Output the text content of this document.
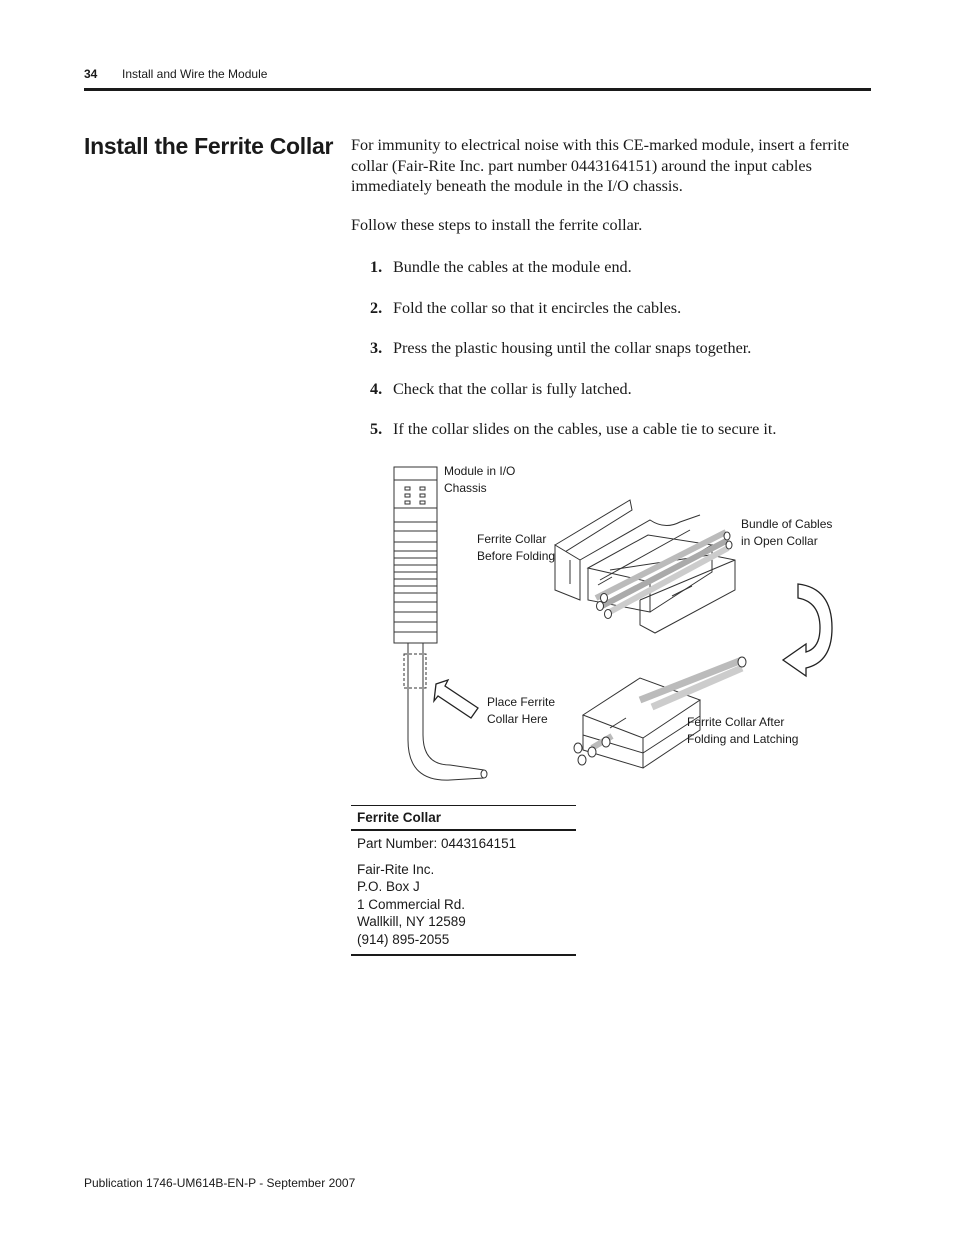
34 Install and Wire the Module
Install the Ferrite Collar For immunity to electrical noise with this CE-marked module, insert a ferrite collar (Fair-Rite Inc. part number 0443164151) around the input cables immediately beneath the module in the I/O chassis.
Follow these steps to install the ferrite collar.
1. Bundle the cables at the module end.
2. Fold the collar so that it encircles the cables.
3. Press the plastic housing until the collar snaps together.
4. Check that the collar is fully latched.
5. If the collar slides on the cables, use a cable tie to secure it.
Module in I/O
Chassis
Ferrite Collar
Before Folding
Bundle of Cables
in Open Collar
Place Ferrite
Collar Here	Ferrite Collar After
Folding and Latching
Ferrite Collar
Part Number: 0443164151
Fair-Rite Inc.
P.O. Box J
1 Commercial Rd.
Wallkill, NY 12589
(914) 895-2055
Publication 1746-UM614B-EN-P - September 2007
